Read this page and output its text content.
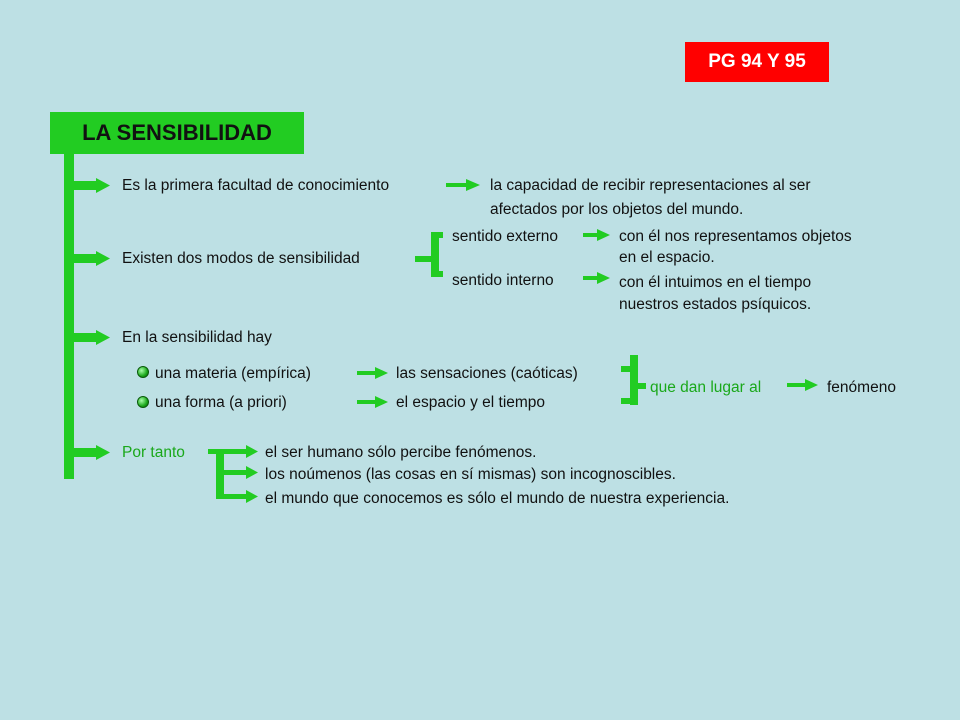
PG 94 Y 95
LA SENSIBILIDAD
Es la primera facultad de conocimiento	la capacidad de recibir representaciones al ser
afectados por los objetos del mundo.
Existen dos modos de sensibilidad
sentido externo	con él nos representamos objetos
en el espacio.
sentido interno	con él intuimos en el tiempo
nuestros estados psíquicos.
En la sensibilidad hay
una materia (empírica)	las sensaciones (caóticas)
una forma (a priori)	el espacio y el tiempo
que dan lugar al	fenómeno
Por tanto	el ser humano sólo percibe fenómenos.
los noúmenos (las cosas en sí mismas) son incognoscibles.
el mundo que conocemos es sólo el mundo de nuestra experiencia.
